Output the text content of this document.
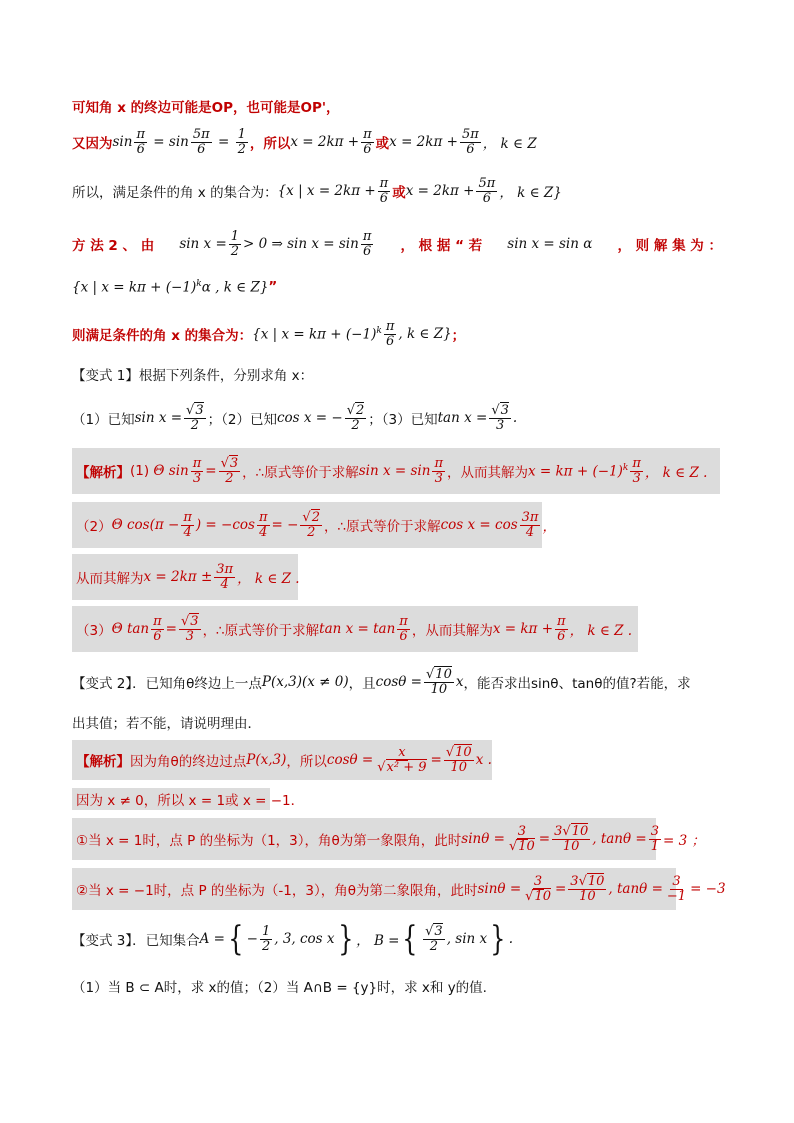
可知角 x 的终边可能是OP，也可能是OP'，
又因为 $\sin \frac{\pi}{6} = \sin \frac{5\pi}{6} = \frac{1}{2}$ ，所以 $x = 2k\pi + \frac{\pi}{6}$ 或 $x = 2k\pi + \frac{5\pi}{6}$ ， k ∈ Z
所以，满足条件的角 x 的集合为： {x | $x = 2k\pi + \frac{\pi}{6}$ 或 $x = 2k\pi + \frac{5\pi}{6}$ ， k ∈ Z}
方 法 2 、 由 $\sin x = \frac{1}{2} > 0$ ⇒ $\sin x = \sin \frac{\pi}{6}$ ， 根 据 “ 若 sin x = sin α ， 则 解 集 为 ：
{x | $x = k\pi + (-1)^k\alpha$ , k ∈ Z} ”
则满足条件的角 x 的集合为： {x | $x = k\pi + (-1)^k \frac{\pi}{6}$ , k ∈ Z} ；
【变式 1】根据下列条件，分别求角 x：
（1）已知 $\sin x = \frac{√3}{2}$ ；（2）已知 cos x = − $\frac{√2}{2}$ ；（3）已知 $\tan x = \frac{√3}{3}$ .
【解析】 (1) Θ $\sin \frac{\pi}{3} = \frac{√3}{2}$ ，∴原式等价于求解 $\sin x = \sin \frac{\pi}{3}$ ，从而其解为 $x = k\pi + (-1)^k \frac{\pi}{3}$ ， k ∈ Z .
（2） Θ $\cos(\pi - \frac{\pi}{4}$ ) = $-\cos \frac{\pi}{4}$ = − $\frac{√2}{2}$ ，∴原式等价于求解 $\cos x = \cos \frac{3\pi}{4}$ ，
从而其解为 $x = 2k\pi \pm \frac{3\pi}{4}$ ， k ∈ Z .
（3） Θ $\tan \frac{\pi}{6} = \frac{√3}{3}$ ，∴原式等价于求解 $\tan x = \tan \frac{\pi}{6}$ ，从而其解为 $x = k\pi + \frac{\pi}{6}$ ， k ∈ Z .
【变式 2】．已知角θ终边上一点 P(x,3)(x ≠ 0) ，且 $\cos\theta = \frac{√10}{10}$ x ，能否求出sinθ、tanθ的值?若能，求
出其值；若不能，请说明理由．
【解析】 因为角θ的终边过点 P(x,3) ，所以 $\cos\theta = \frac{x}{\text{√x² + 9}} = \frac{√10}{10}$ x .
因为 x ≠ 0，所以 x = 1或 x = −1．
①当 x = 1时，点 P 的坐标为（1，3），角θ为第一象限角，此时 $\sin\theta = \frac{3}{√10} = \frac{3√10}{10}$ , $\tan\theta = \frac{3}{1} = 3$ ；
②当 x = −1时，点 P 的坐标为（-1，3），角θ为第二象限角，此时 $\sin\theta = \frac{3}{√10} = \frac{3√10}{10}$ , $\tan\theta = \frac{3}{-1} = -3$
【变式 3】．已知集合 A = { − $\frac{1}{2}$ , 3, cos x } ， B = { $\frac{√3}{2}$ , sin x } .
（1）当 B ⊂ A时，求 x的值；（2）当 A∩B = {y}时，求 x和 y的值.
